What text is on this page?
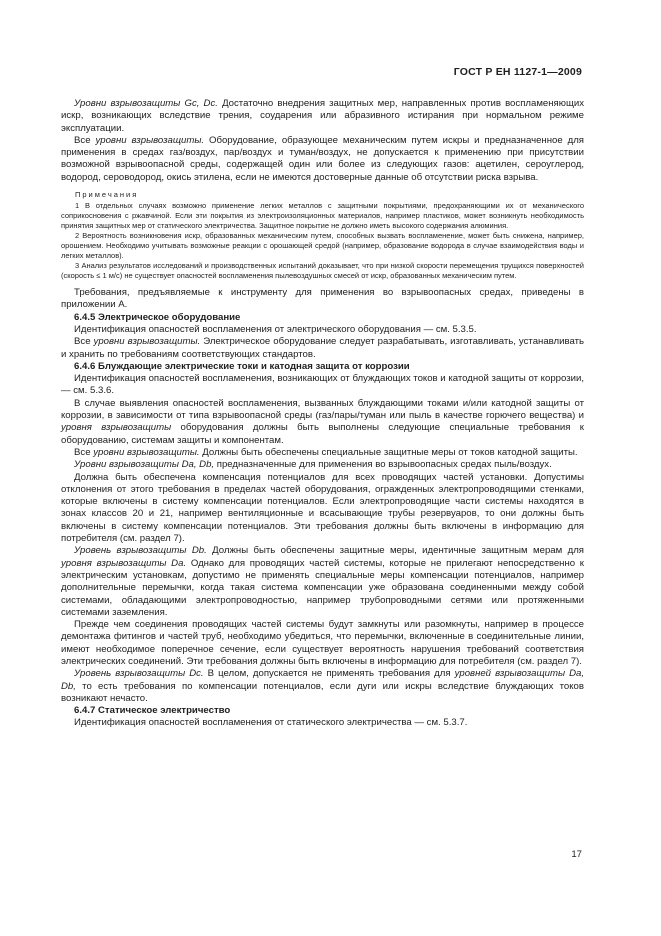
ГОСТ Р ЕН 1127-1—2009

Уровни взрывозащиты Gc, Dc. Достаточно внедрения защитных мер, направленных против воспламеняющих искр, возникающих вследствие трения, соударения или абразивного истирания при нормальном режиме эксплуатации.

Все уровни взрывозащиты. Оборудование, образующее механическим путем искры и предназначенное для применения в средах газ/воздух, пар/воздух и туман/воздух, не допускается к применению при присутствии возможной взрывоопасной среды, содержащей один или более из следующих газов: ацетилен, сероуглерод, водород, сероводород, окись этилена, если не имеются достоверные данные об отсутствии риска взрыва.

Примечания

1 В отдельных случаях возможно применение легких металлов с защитными покрытиями, предохраняющими их от механического соприкосновения с ржавчиной. Если эти покрытия из электроизоляционных материалов, например пластиков, может возникнуть необходимость принятия защитных мер от статического электричества. Защитное покрытие не должно иметь высокого содержания алюминия.

2 Вероятность возникновения искр, образованных механическим путем, способных вызвать воспламенение, может быть снижена, например, орошением. Необходимо учитывать возможные реакции с орошающей средой (например, образование водорода в случае взаимодействия воды и легких металлов).

3 Анализ результатов исследований и производственных испытаний доказывает, что при низкой скорости перемещения трущихся поверхностей (скорость ≤ 1 м/с) не существует опасностей воспламенения пылевоздушных смесей от искр, образованных механическим путем.

Требования, предъявляемые к инструменту для применения во взрывоопасных средах, приведены в приложении А.

6.4.5 Электрическое оборудование

Идентификация опасностей воспламенения от электрического оборудования — см. 5.3.5.

Все уровни взрывозащиты. Электрическое оборудование следует разрабатывать, изготавливать, устанавливать и хранить по требованиям соответствующих стандартов.

6.4.6 Блуждающие электрические токи и катодная защита от коррозии

Идентификация опасностей воспламенения, возникающих от блуждающих токов и катодной защиты от коррозии, — см. 5.3.6.

В случае выявления опасностей воспламенения, вызванных блуждающими токами и/или катодной защиты от коррозии, в зависимости от типа взрывоопасной среды (газ/пары/туман или пыль в качестве горючего вещества) и уровня взрывозащиты оборудования должны быть выполнены следующие специальные требования к оборудованию, системам защиты и компонентам.

Все уровни взрывозащиты. Должны быть обеспечены специальные защитные меры от токов катодной защиты.

Уровни взрывозащиты Da, Db, предназначенные для применения во взрывоопасных средах пыль/воздух.

Должна быть обеспечена компенсация потенциалов для всех проводящих частей установки. Допустимы отклонения от этого требования в пределах частей оборудования, огражденных электропроводящими стенками, которые включены в систему компенсации потенциалов. Если электропроводящие части системы находятся в зонах классов 20 и 21, например вентиляционные и всасывающие трубы резервуаров, то они должны быть включены в систему компенсации потенциалов. Эти требования должны быть включены в информацию для потребителя (см. раздел 7).

Уровень взрывозащиты Db. Должны быть обеспечены защитные меры, идентичные защитным мерам для уровня взрывозащиты Da. Однако для проводящих частей системы, которые не прилегают непосредственно к электрическим установкам, допустимо не применять специальные меры компенсации потенциалов, например дополнительные перемычки, когда такая система компенсации уже образована соединенными между собой системами, обладающими электропроводностью, например трубопроводными сетями или протяженными системами заземления.

Прежде чем соединения проводящих частей системы будут замкнуты или разомкнуты, например в процессе демонтажа фитингов и частей труб, необходимо убедиться, что перемычки, включенные в соединительные линии, имеют необходимое поперечное сечение, если существует вероятность нарушения требований соответствия электрических соединений. Эти требования должны быть включены в информацию для потребителя (см. раздел 7).

Уровень взрывозащиты Dc. В целом, допускается не применять требования для уровней взрывозащиты Da, Db, то есть требования по компенсации потенциалов, если дуги или искры вследствие блуждающих токов возникают нечасто.

6.4.7 Статическое электричество

Идентификация опасностей воспламенения от статического электричества — см. 5.3.7.

17
